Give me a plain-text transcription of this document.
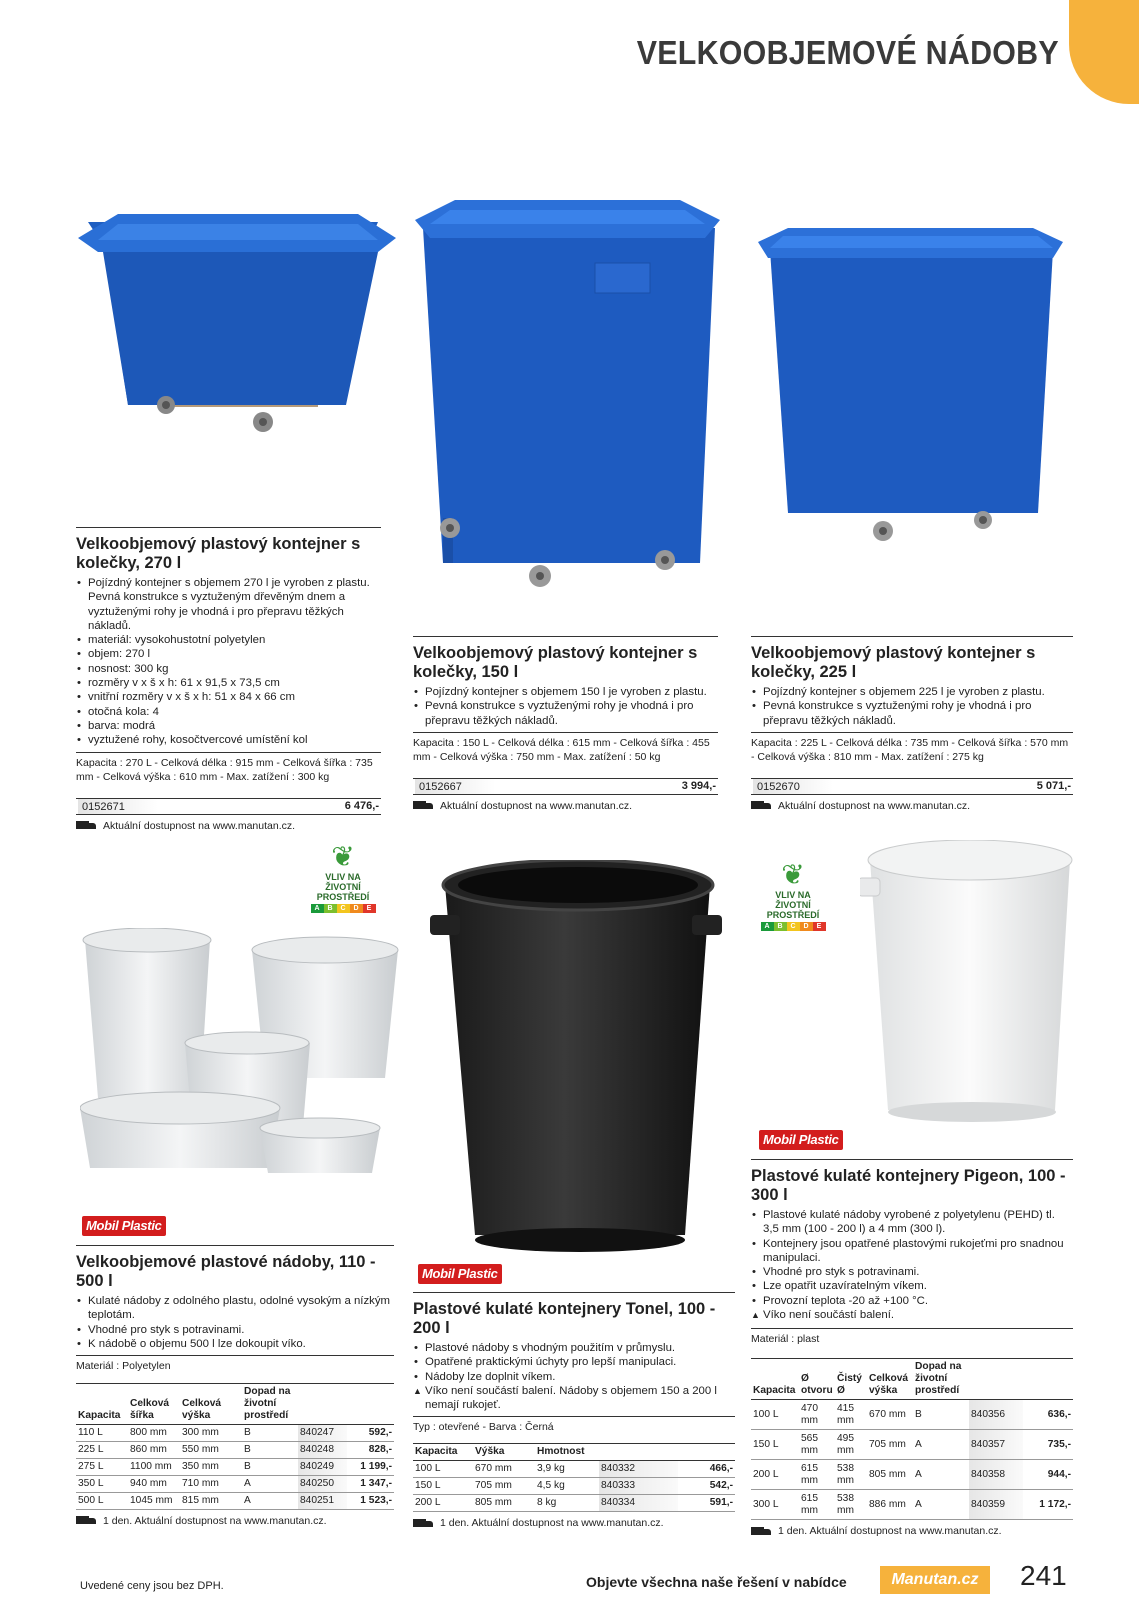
VELKOOBJEMOVÉ NÁDOBY
Velkoobjemový plastový kontejner s kolečky, 270 l
• Pojízdný kontejner s objemem 270 l je vyroben z plastu. Pevná konstrukce s vyztuženým dřevěným dnem a vyztuženými rohy je vhodná i pro přepravu těžkých nákladů.
• materiál: vysokohustotní polyetylen
• objem: 270 l
• nosnost: 300 kg
• rozměry v x š x h: 61 x 91,5 x 73,5 cm
• vnitřní rozměry v x š x h: 51 x 84 x 66 cm
• otočná kola: 4
• barva: modrá
• vyztužené rohy, kosočtvercové umístění kol
Kapacita : 270 L - Celková délka : 915 mm - Celková šířka : 735 mm - Celková výška : 610 mm - Max. zatížení : 300 kg
0152671	6 476,-
Aktuální dostupnost na www.manutan.cz.
Velkoobjemový plastový kontejner s kolečky, 150 l
• Pojízdný kontejner s objemem 150 l je vyroben z plastu.
• Pevná konstrukce s vyztuženými rohy je vhodná i pro přepravu těžkých nákladů.
Kapacita : 150 L - Celková délka : 615 mm - Celková šířka : 455 mm - Celková výška : 750 mm - Max. zatížení : 50 kg
0152667	3 994,-
Aktuální dostupnost na www.manutan.cz.
Velkoobjemový plastový kontejner s kolečky, 225 l
• Pojízdný kontejner s objemem 225 l je vyroben z plastu.
• Pevná konstrukce s vyztuženými rohy je vhodná i pro přepravu těžkých nákladů.
Kapacita : 225 L - Celková délka : 735 mm - Celková šířka : 570 mm - Celková výška : 810 mm - Max. zatížení : 275 kg
0152670	5 071,-
Aktuální dostupnost na www.manutan.cz.
❦
VLIV NA
ŽIVOTNÍ PROSTŘEDÍ
A	B	C	D	E
❦
VLIV NA
ŽIVOTNÍ PROSTŘEDÍ
A	B	C	D	E
Mobil Plastic
Mobil Plastic
Mobil Plastic
Velkoobjemové plastové nádoby, 110 - 500 l
• Kulaté nádoby z odolného plastu, odolné vysokým a nízkým teplotám.
• Vhodné pro styk s potravinami.
• K nádobě o objemu 500 l lze dokoupit víko.
Materiál : Polyetylen
Kapacita	Celková šířka	Celková výška	Dopad na životní prostředí		
110 L	800 mm	300 mm	B	840247	592,-
225 L	860 mm	550 mm	B	840248	828,-
275 L	1100 mm	350 mm	B	840249	1 199,-
350 L	940 mm	710 mm	A	840250	1 347,-
500 L	1045 mm	815 mm	A	840251	1 523,-
1 den. Aktuální dostupnost na www.manutan.cz.
Plastové kulaté kontejnery Tonel, 100 - 200 l
• Plastové nádoby s vhodným použitím v průmyslu.
• Opatřené praktickými úchyty pro lepší manipulaci.
• Nádoby lze doplnit víkem.
▲ Víko není součástí balení. Nádoby s objemem 150 a 200 l nemají rukojeť.
Typ : otevřené - Barva : Černá
Kapacita	Výška	Hmotnost		
100 L	670 mm	3,9 kg	840332	466,-
150 L	705 mm	4,5 kg	840333	542,-
200 L	805 mm	8 kg	840334	591,-
1 den. Aktuální dostupnost na www.manutan.cz.
Plastové kulaté kontejnery Pigeon, 100 - 300 l
• Plastové kulaté nádoby vyrobené z polyetylenu (PEHD) tl. 3,5 mm (100 - 200 l) a 4 mm (300 l).
• Kontejnery jsou opatřené plastovými rukojeťmi pro snadnou manipulaci.
• Vhodné pro styk s potravinami.
• Lze opatřit uzavíratelným víkem.
• Provozní teplota -20 až +100 °C.
▲ Víko není součástí balení.
Materiál : plast
Kapacita	Ø otvoru	Čistý Ø	Celková výška	Dopad na životní prostředí		
100 L	470 mm	415 mm	670 mm	B	840356	636,-
150 L	565 mm	495 mm	705 mm	A	840357	735,-
200 L	615 mm	538 mm	805 mm	A	840358	944,-
300 L	615 mm	538 mm	886 mm	A	840359	1 172,-
1 den. Aktuální dostupnost na www.manutan.cz.
Uvedené ceny jsou bez DPH.	Objevte všechna naše řešení v nabídce	Manutan.cz	241
